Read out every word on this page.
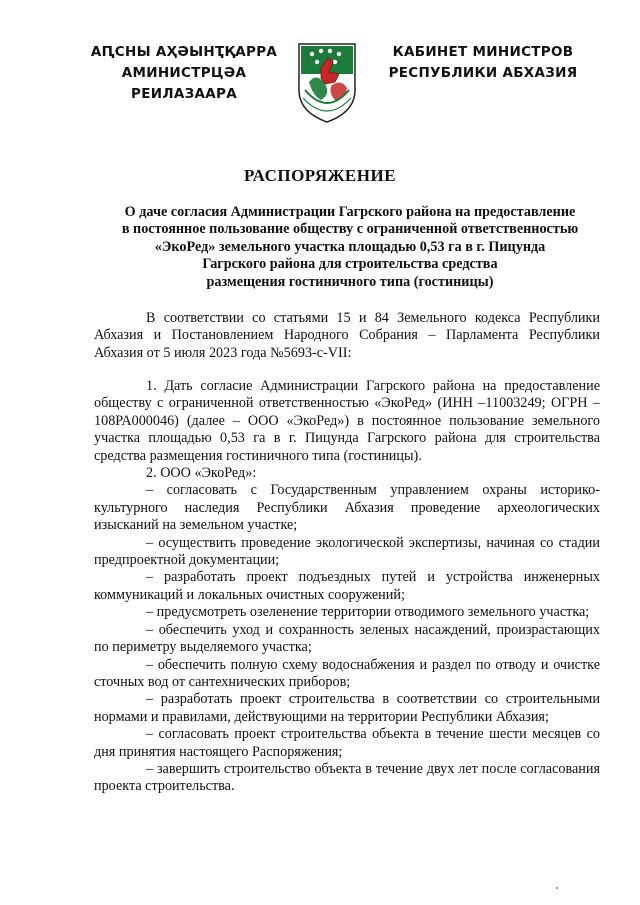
АԤСНЫ АҲӘЫНҬҚАРРА
АМИНИСТРЦӘА РЕИЛАЗААРА
КАБИНЕТ МИНИСТРОВ
РЕСПУБЛИКИ АБХАЗИЯ
РАСПОРЯЖЕНИЕ
О даче согласия Администрации Гагрского района на предоставление
в постоянное пользование обществу с ограниченной ответственностью
«ЭкоРед» земельного участка площадью 0,53 га в г. Пицунда
Гагрского района для строительства средства
размещения гостиничного типа (гостиницы)

В соответствии со статьями 15 и 84 Земельного кодекса Республики Абхазия и Постановлением Народного Собрания – Парламента Республики Абхазия от 5 июля 2023 года №5693-с-VII:

1. Дать согласие Администрации Гагрского района на предоставление обществу с ограниченной ответственностью «ЭкоРед» (ИНН –11003249; ОГРН – 108РА000046) (далее – ООО «ЭкоРед») в постоянное пользование земельного участка площадью 0,53 га в г. Пицунда Гагрского района для строительства средства размещения гостиничного типа (гостиницы).

2. ООО «ЭкоРед»:

– согласовать с Государственным управлением охраны историко-культурного наследия Республики Абхазия проведение археологических изысканий на земельном участке;

– осуществить проведение экологической экспертизы, начиная со стадии предпроектной документации;

– разработать проект подъездных путей и устройства инженерных коммуникаций и локальных очистных сооружений;

– предусмотреть озеленение территории отводимого земельного участка;

– обеспечить уход и сохранность зеленых насаждений, произрастающих по периметру выделяемого участка;

– обеспечить полную схему водоснабжения и раздел по отводу и очистке сточных вод от сантехнических приборов;

– разработать проект строительства в соответствии со строительными нормами и правилами, действующими на территории Республики Абхазия;

– согласовать проект строительства объекта в течение шести месяцев со дня принятия настоящего Распоряжения;

– завершить строительство объекта в течение двух лет после согласования проекта строительства.
